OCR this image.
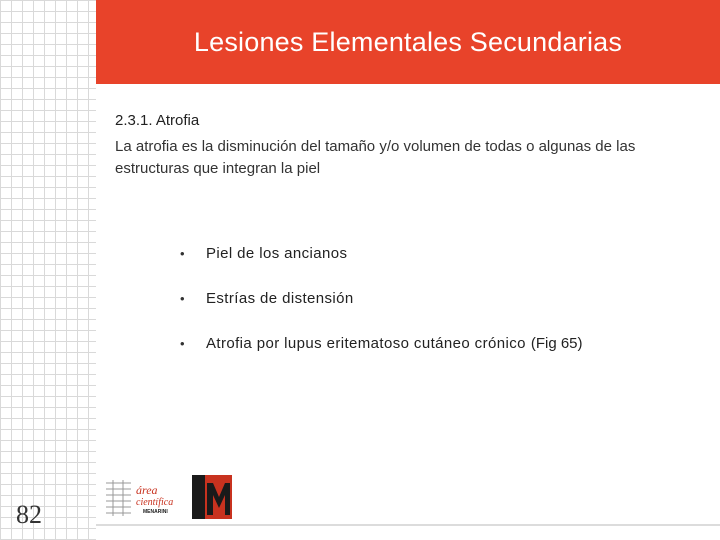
Lesiones Elementales Secundarias
2.3.1. Atrofia

La atrofia es la disminución del tamaño y/o volumen de todas o algunas de las estructuras que integran la piel

•	Piel de los ancianos
•	Estrías de distensión
•	Atrofia por lupus eritematoso cutáneo crónico (Fig 65)
82
área
científica
MENARINI
